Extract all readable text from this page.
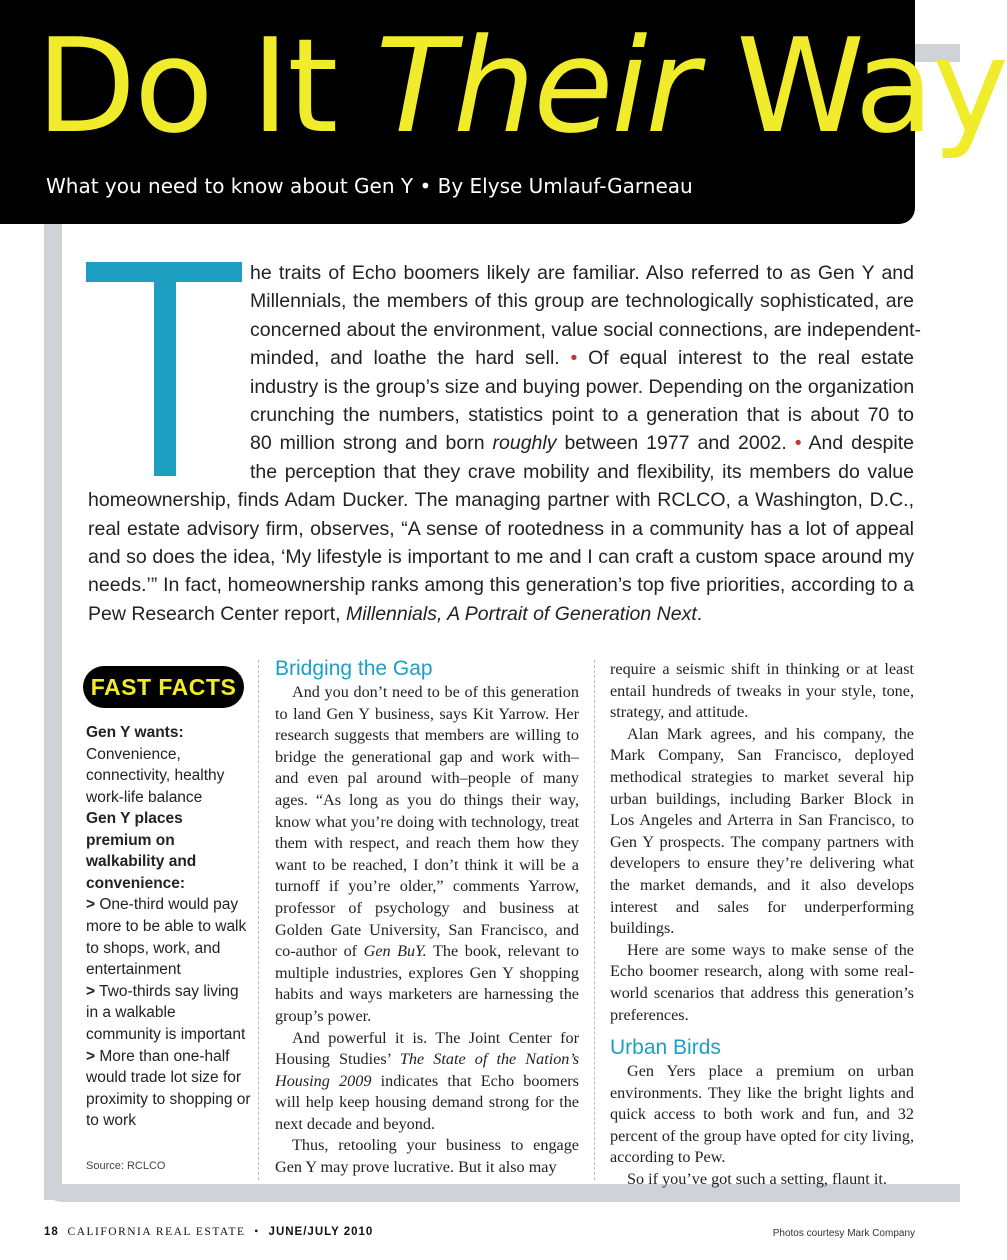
Do It Their Way
What you need to know about Gen Y • By Elyse Umlauf-Garneau
he traits of Echo boomers likely are familiar. Also referred to as Gen Y and
Millennials, the members of this group are technologically sophisticated, are
concerned about the environment, value social connections, are independent-
minded, and loathe the hard sell. • Of equal interest to the real estate
industry is the group’s size and buying power. Depending on the organization
crunching the numbers, statistics point to a generation that is about 70 to
80 million strong and born roughly between 1977 and 2002. • And despite
the perception that they crave mobility and flexibility, its members do value
homeownership, finds Adam Ducker. The managing partner with RCLCO, a Washington, D.C.,
real estate advisory firm, observes, “A sense of rootedness in a community has a lot of appeal
and so does the idea, ‘My lifestyle is important to me and I can craft a custom space around my
needs.’” In fact, homeownership ranks among this generation’s top five priorities, according to a
Pew Research Center report, Millennials, A Portrait of Generation Next.
FAST FACTS
Gen Y wants:
Convenience, connectivity, healthy work-life balance
Gen Y places premium on walkability and convenience:
> One-third would pay more to be able to walk to shops, work, and entertainment
> Two-thirds say living in a walkable community is important
> More than one-half would trade lot size for proximity to shopping or to work
Source: RCLCO
Bridging the Gap

And you don’t need to be of this generation to land Gen Y business, says Kit Yarrow. Her research suggests that members are willing to bridge the generational gap and work with–and even pal around with–people of many ages. “As long as you do things their way, know what you’re doing with technology, treat them with respect, and reach them how they want to be reached, I don’t think it will be a turnoff if you’re older,” comments Yarrow, professor of psychology and business at Golden Gate University, San Francisco, and co-author of Gen BuY. The book, relevant to multiple industries, explores Gen Y shopping habits and ways marketers are harnessing the group’s power.

And powerful it is. The Joint Center for Housing Studies’ The State of the Nation’s Housing 2009 indicates that Echo boomers will help keep housing demand strong for the next decade and beyond.

Thus, retooling your business to engage Gen Y may prove lucrative. But it also may

require a seismic shift in thinking or at least entail hundreds of tweaks in your style, tone, strategy, and attitude.

Alan Mark agrees, and his company, the Mark Company, San Francisco, deployed methodical strategies to market several hip urban buildings, including Barker Block in Los Angeles and Arterra in San Francisco, to Gen Y prospects. The company partners with developers to ensure they’re delivering what the market demands, and it also develops interest and sales for underperforming buildings.

Here are some ways to make sense of the Echo boomer research, along with some real-world scenarios that address this generation’s preferences.

Urban Birds

Gen Yers place a premium on urban environments. They like the bright lights and quick access to both work and fun, and 32 percent of the group have opted for city living, according to Pew.

So if you’ve got such a setting, flaunt it.

18 CALIFORNIA REAL ESTATE • JUNE/JULY 2010	Photos courtesy Mark Company
